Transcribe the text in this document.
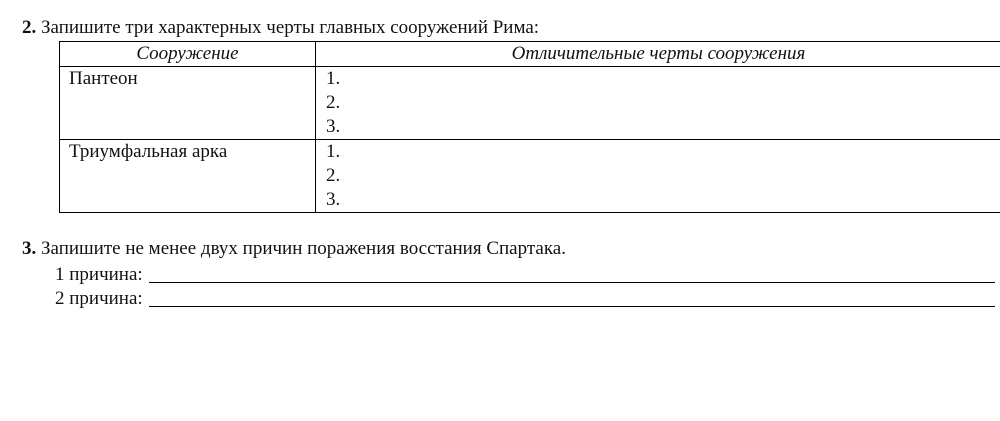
2. Запишите три характерных черты главных сооружений Рима:
Сооружение	Отличительные черты сооружения
Пантеон	1.
2.
3.

Триумфальная арка	1.
2.
3.
3. Запишите не менее двух причин поражения восстания Спартака.
1 причина:
2 причина:
